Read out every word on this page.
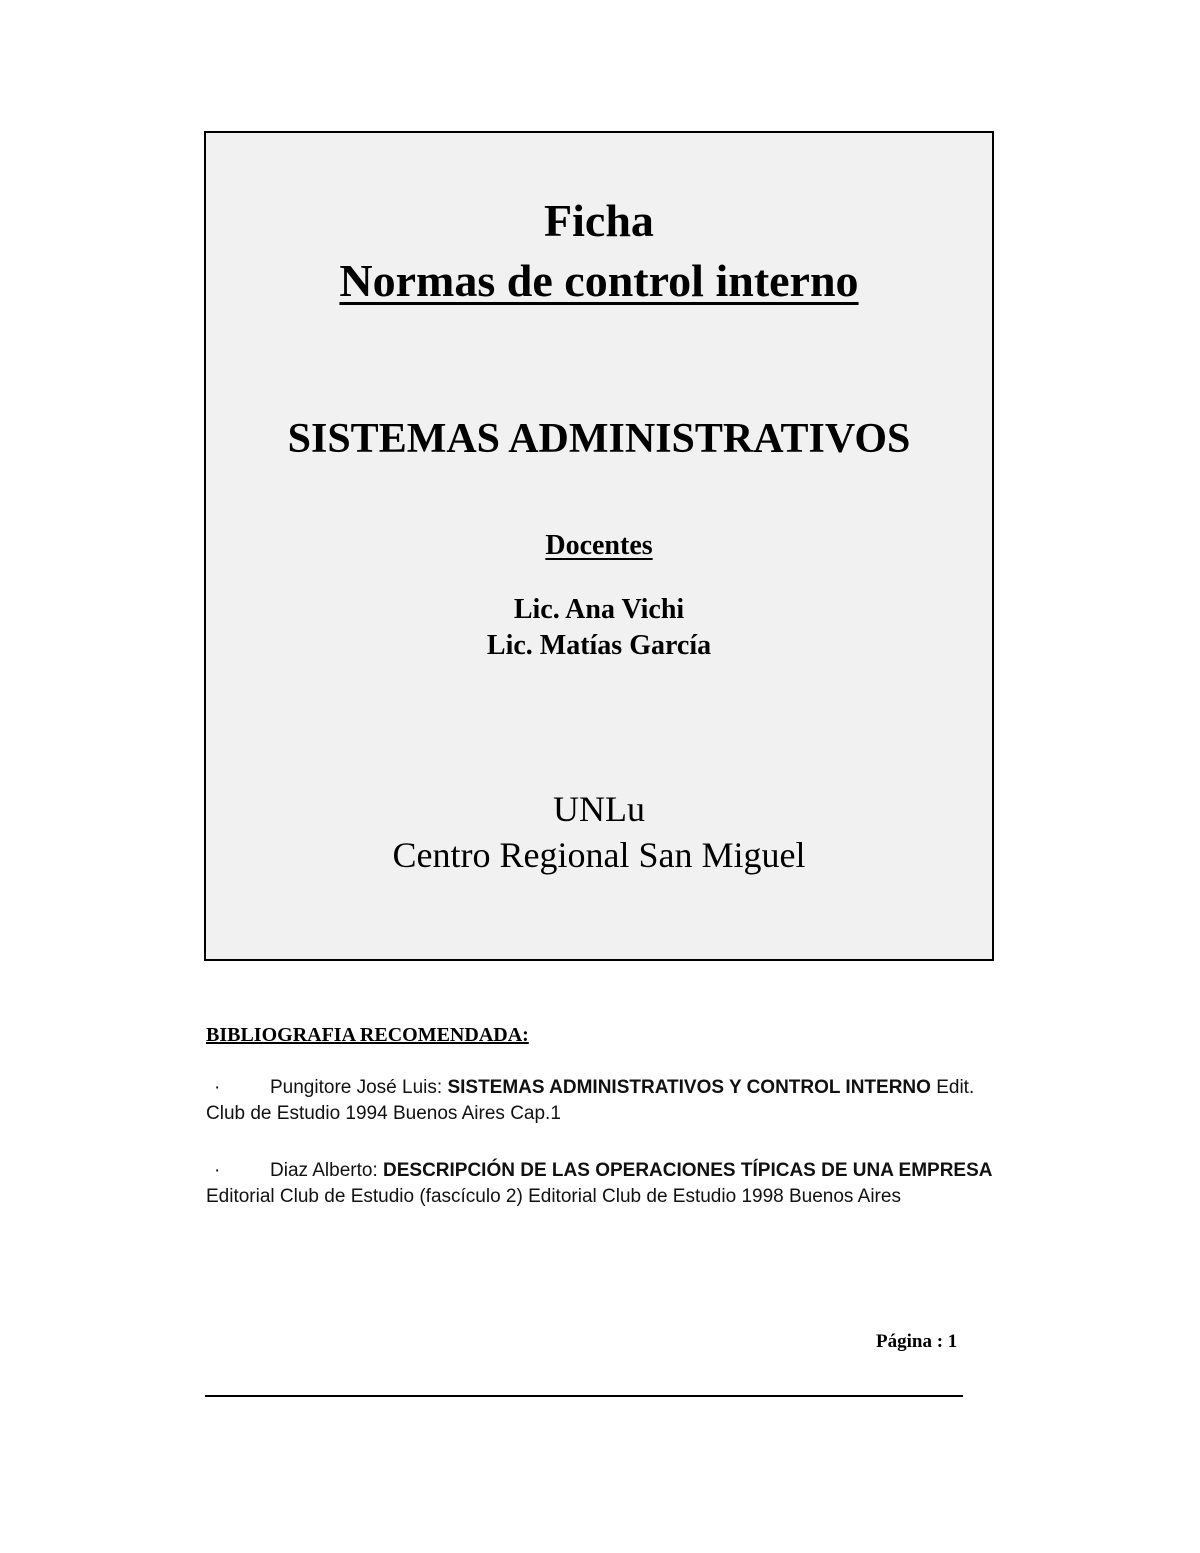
Ficha
Normas de control interno
SISTEMAS ADMINISTRATIVOS
Docentes
Lic. Ana Vichi
Lic. Matías García
UNLu
Centro Regional San Miguel
BIBLIOGRAFIA RECOMENDADA:
·	Pungitore José Luis: SISTEMAS ADMINISTRATIVOS Y CONTROL INTERNO Edit. Club de Estudio 1994 Buenos Aires Cap.1
·	Diaz Alberto: DESCRIPCIÓN DE LAS OPERACIONES TÍPICAS DE UNA EMPRESA Editorial Club de Estudio (fascículo 2) Editorial Club de Estudio 1998 Buenos Aires
Página : 1
